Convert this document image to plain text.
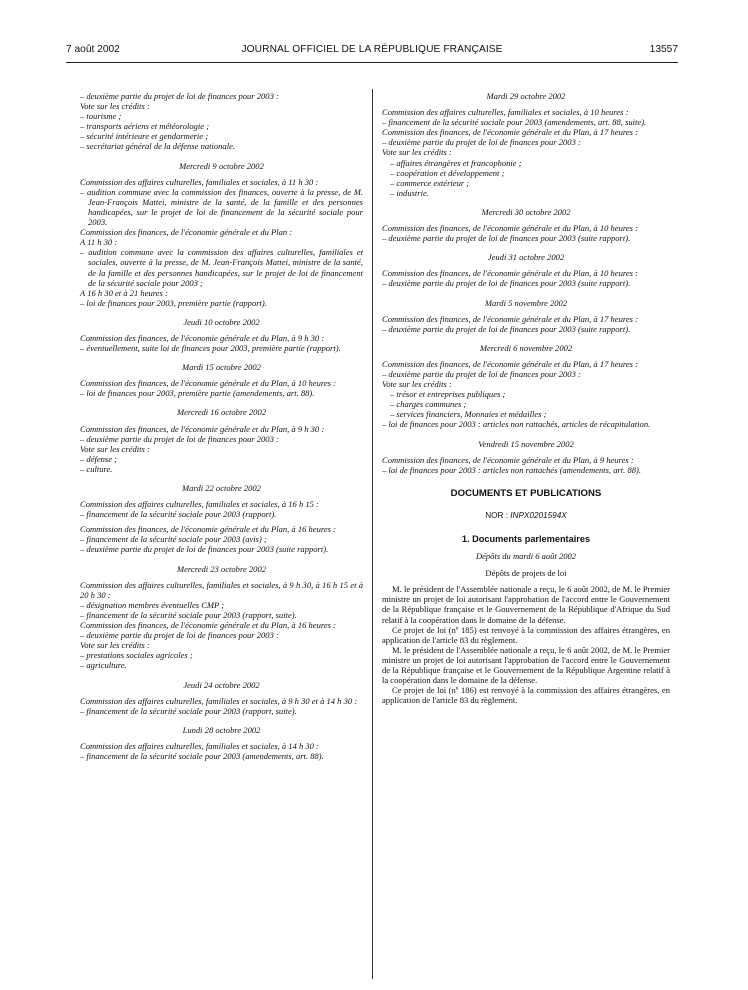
7 août 2002	JOURNAL OFFICIEL DE LA RÉPUBLIQUE FRANÇAISE	13557

– deuxième partie du projet de loi de finances pour 2003 :

Vote sur les crédits :

– tourisme ;

– transports aériens et météorologie ;

– sécurité intérieure et gendarmerie ;

– secrétariat général de la défense nationale.

Mercredi 9 octobre 2002

Commission des affaires culturelles, familiales et sociales, à 11 h 30 :

– audition commune avec la commission des finances, ouverte à la presse, de M. Jean-François Mattei, ministre de la santé, de la famille et des personnes handicapées, sur le projet de loi de financement de la sécurité sociale pour 2003.

Commission des finances, de l'économie générale et du Plan :

A 11 h 30 :

– audition commune avec la commission des affaires culturelles, familiales et sociales, ouverte à la presse, de M. Jean-François Mattei, ministre de la santé, de la famille et des personnes handicapées, sur le projet de loi de financement de la sécurité sociale pour 2003 ;

A 16 h 30 et à 21 heures :

– loi de finances pour 2003, première partie (rapport).

Jeudi 10 octobre 2002

Commission des finances, de l'économie générale et du Plan, à 9 h 30 :

– éventuellement, suite loi de finances pour 2003, première partie (rapport).

Mardi 15 octobre 2002

Commission des finances, de l'économie générale et du Plan, à 10 heures :

– loi de finances pour 2003, première partie (amendements, art. 88).

Mercredi 16 octobre 2002

Commission des finances, de l'économie générale et du Plan, à 9 h 30 :

– deuxième partie du projet de loi de finances pour 2003 :

Vote sur les crédits :

– défense ;

– culture.

Mardi 22 octobre 2002

Commission des affaires culturelles, familiales et sociales, à 16 h 15 :

– financement de la sécurité sociale pour 2003 (rapport).

Commission des finances, de l'économie générale et du Plan, à 16 heures :

– financement de la sécurité sociale pour 2003 (avis) ;

– deuxième partie du projet de loi de finances pour 2003 (suite rapport).

Mercredi 23 octobre 2002

Commission des affaires culturelles, familiales et sociales, à 9 h 30, à 16 h 15 et à 20 h 30 :

– désignation membres éventuelles CMP ;

– financement de la sécurité sociale pour 2003 (rapport, suite).

Commission des finances, de l'économie générale et du Plan, à 16 heures :

– deuxième partie du projet de loi de finances pour 2003 :

Vote sur les crédits :

– prestations sociales agricoles ;

– agriculture.

Jeudi 24 octobre 2002

Commission des affaires culturelles, familiales et sociales, à 9 h 30 et à 14 h 30 :

– financement de la sécurité sociale pour 2003 (rapport, suite).

Lundi 28 octobre 2002

Commission des affaires culturelles, familiales et sociales, à 14 h 30 :

– financement de la sécurité sociale pour 2003 (amendements, art. 88).

Mardi 29 octobre 2002

Commission des affaires culturelles, familiales et sociales, à 10 heures :

– financement de la sécurité sociale pour 2003 (amendements, art. 88, suite).

Commission des finances, de l'économie générale et du Plan, à 17 heures :

– deuxième partie du projet de loi de finances pour 2003 :

Vote sur les crédits :

– affaires étrangères et francophonie ;

– coopération et développement ;

– commerce extérieur ;

– industrie.

Mercredi 30 octobre 2002

Commission des finances, de l'économie générale et du Plan, à 10 heures :

– deuxième partie du projet de loi de finances pour 2003 (suite rapport).

Jeudi 31 octobre 2002

Commission des finances, de l'économie générale et du Plan, à 10 heures :

– deuxième partie du projet de loi de finances pour 2003 (suite rapport).

Mardi 5 novembre 2002

Commission des finances, de l'économie générale et du Plan, à 17 heures :

– deuxième partie du projet de loi de finances pour 2003 (suite rapport).

Mercredi 6 novembre 2002

Commission des finances, de l'économie générale et du Plan, à 17 heures :

– deuxième partie du projet de loi de finances pour 2003 :

Vote sur les crédits :

– trésor et entreprises publiques ;

– charges communes ;

– services financiers, Monnaies et médailles ;

– loi de finances pour 2003 : articles non rattachés, articles de récapitulation.

Vendredi 15 novembre 2002

Commission des finances, de l'économie générale et du Plan, à 9 heures :

– loi de finances pour 2003 : articles non rattachés (amendements, art. 88).

DOCUMENTS ET PUBLICATIONS
NOR : INPX0201594X
1. Documents parlementaires
Dépôts du mardi 6 août 2002
Dépôts de projets de loi

M. le président de l'Assemblée nationale a reçu, le 6 août 2002, de M. le Premier ministre un projet de loi autorisant l'approbation de l'accord entre le Gouvernement de la République française et le Gouvernement de la République d'Afrique du Sud relatif à la coopération dans le domaine de la défense.

Ce projet de loi (nº 185) est renvoyé à la commission des affaires étrangères, en application de l'article 83 du règlement.

M. le président de l'Assemblée nationale a reçu, le 6 août 2002, de M. le Premier ministre un projet de loi autorisant l'approbation de l'accord entre le Gouvernement de la République française et le Gouvernement de la République Argentine relatif à la coopération dans le domaine de la défense.

Ce projet de loi (nº 186) est renvoyé à la commission des affaires étrangères, en application de l'article 83 du règlement.
